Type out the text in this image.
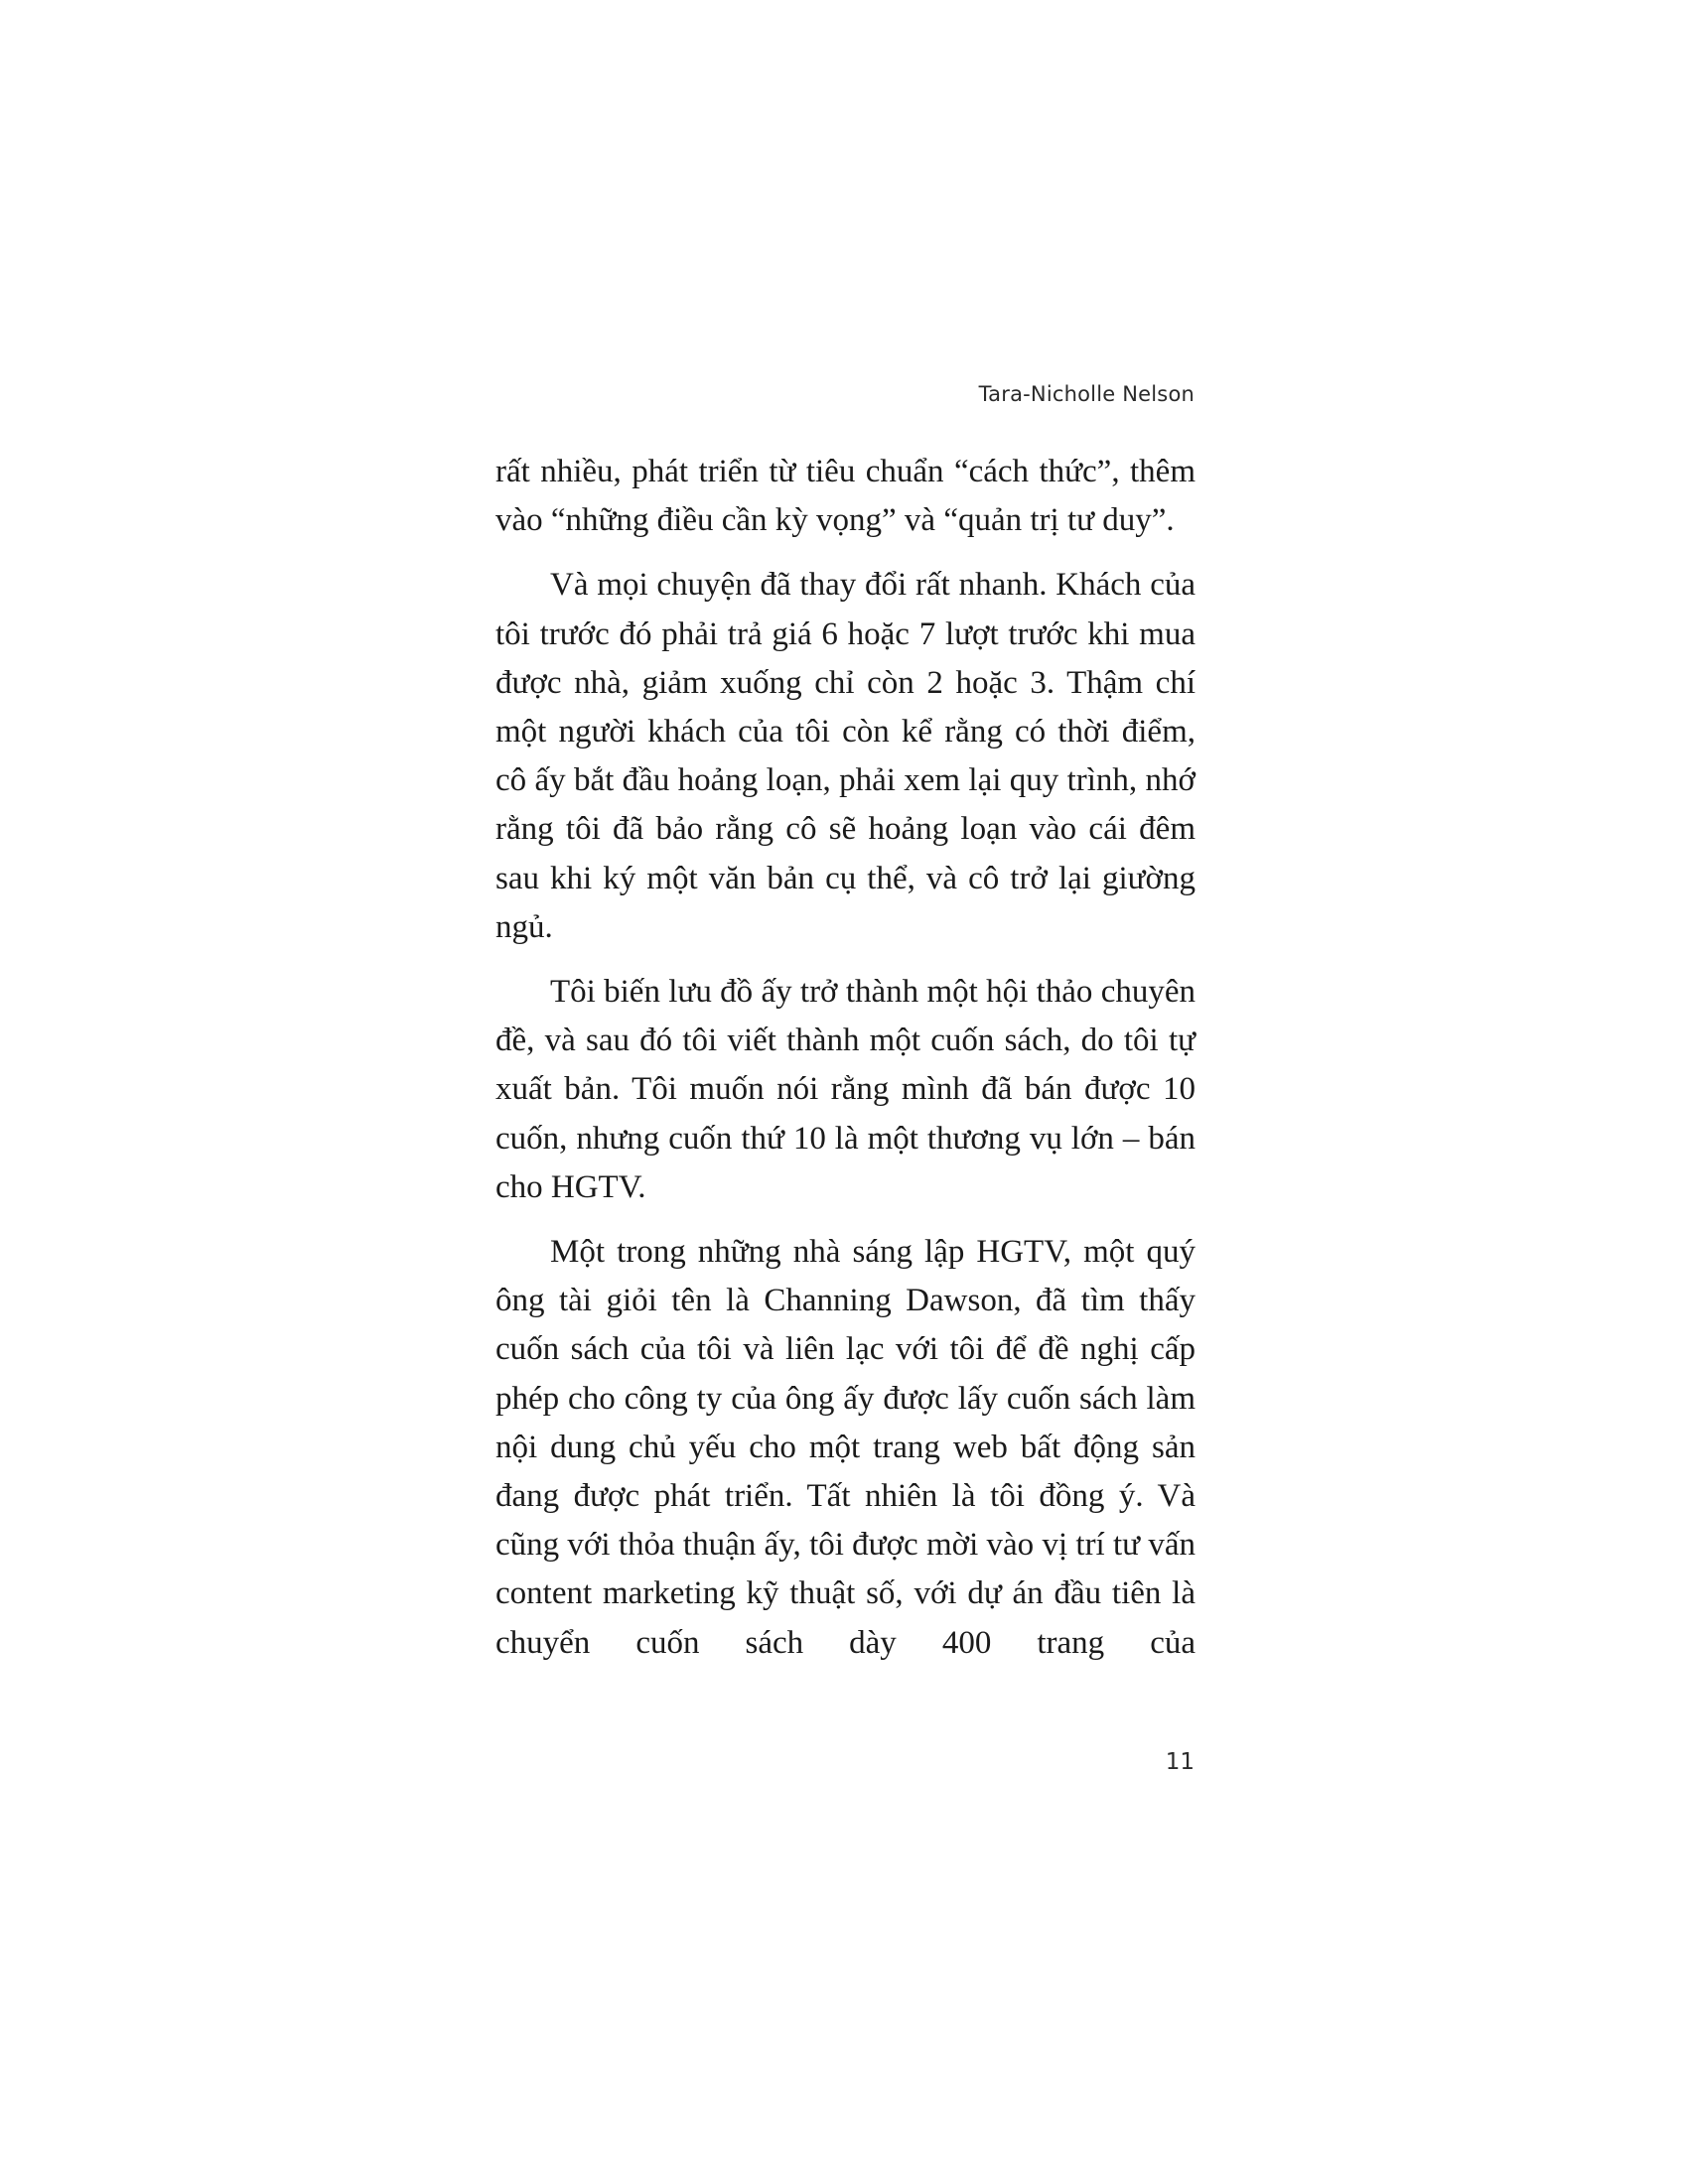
Tara-Nicholle Nelson

rất nhiều, phát triển từ tiêu chuẩn “cách thức”, thêm vào “những điều cần kỳ vọng” và “quản trị tư duy”.

Và mọi chuyện đã thay đổi rất nhanh. Khách của tôi trước đó phải trả giá 6 hoặc 7 lượt trước khi mua được nhà, giảm xuống chỉ còn 2 hoặc 3. Thậm chí một người khách của tôi còn kể rằng có thời điểm, cô ấy bắt đầu hoảng loạn, phải xem lại quy trình, nhớ rằng tôi đã bảo rằng cô sẽ hoảng loạn vào cái đêm sau khi ký một văn bản cụ thể, và cô trở lại giường ngủ.

Tôi biến lưu đồ ấy trở thành một hội thảo chuyên đề, và sau đó tôi viết thành một cuốn sách, do tôi tự xuất bản. Tôi muốn nói rằng mình đã bán được 10 cuốn, nhưng cuốn thứ 10 là một thương vụ lớn – bán cho HGTV.

Một trong những nhà sáng lập HGTV, một quý ông tài giỏi tên là Channing Dawson, đã tìm thấy cuốn sách của tôi và liên lạc với tôi để đề nghị cấp phép cho công ty của ông ấy được lấy cuốn sách làm nội dung chủ yếu cho một trang web bất động sản đang được phát triển. Tất nhiên là tôi đồng ý. Và cũng với thỏa thuận ấy, tôi được mời vào vị trí tư vấn content marketing kỹ thuật số, với dự án đầu tiên là chuyển cuốn sách dày 400 trang của

11
